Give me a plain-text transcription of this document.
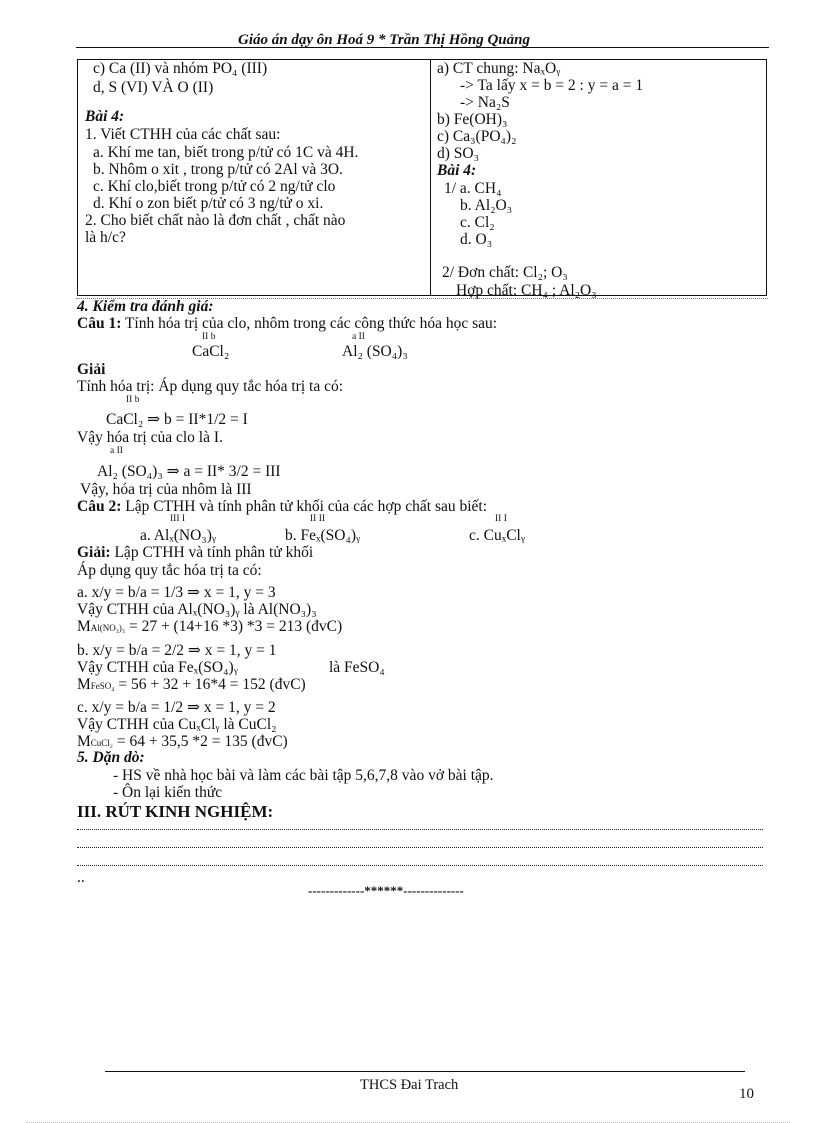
Giáo án dạy ôn Hoá 9 * Trần Thị Hồng Quảng
c) Ca (II) và nhóm PO₄ (III)
d, S (VI) VÀ O (II)
Bài 4:
1. Viết CTHH của các chất sau:
a. Khí me tan, biết trong p/tử có 1C và 4H.
b. Nhôm o xit , trong p/tử có 2Al và 3O.
c. Khí clo,biết trong p/tử có 2 ng/tử clo
d. Khí o zon biết p/tử có 3 ng/tử o xi.
2. Cho biết chất nào là đơn chất , chất nào
là h/c?
a) CT chung: NaₓOᵧ
-> Ta lấy x = b = 2 : y = a = 1
-> Na₂S
b) Fe(OH)₃
c) Ca₃(PO₄)₂
d) SO₃
Bài 4:
1/ a. CH₄
b. Al₂O₃
c. Cl₂
d. O₃
2/ Đơn chất: Cl₂; O₃
Hợp chất: CH₄ ; Al₂O₃
4. Kiểm tra đánh giá:
Câu 1: Tính hóa trị của clo, nhôm trong các công thức hóa học sau:
II b	a II
CaCl₂	Al₂ (SO₄)₃
Giải
Tính hóa trị: Áp dụng quy tắc hóa trị ta có:
II b
CaCl₂ ⇒ b = II*1/2 = I
Vậy hóa trị của clo là I.
a II
Al₂ (SO₄)₃ ⇒ a = II* 3/2 = III
Vậy, hóa trị của nhôm là III
Câu 2: Lập CTHH và tính phân tử khối của các hợp chất sau biết:
III I	II II	II I
a. Alₓ(NO₃)ᵧ	b. Feₓ(SO₄)ᵧ	c. CuₓClᵧ
Giải: Lập CTHH và tính phân tử khối
Áp dụng quy tắc hóa trị ta có:
a. x/y = b/a = 1/3 ⇒ x = 1, y = 3
Vậy CTHH của Alₓ(NO₃)ᵧ là Al(NO₃)₃
MAl(NO₃)₃ = 27 + (14+16 *3) *3 = 213 (đvC)
b. x/y = b/a = 2/2 ⇒ x = 1, y = 1
Vậy CTHH của Feₓ(SO₄)ᵧ	là FeSO₄
MFeSO₄ = 56 + 32 + 16*4 = 152 (đvC)
c. x/y = b/a = 1/2 ⇒ x = 1, y = 2
Vậy CTHH của CuₓClᵧ là CuCl₂
MCuCl₂ = 64 + 35,5 *2 = 135 (đvC)
5. Dặn dò:
- HS về nhà học bài và làm các bài tập 5,6,7,8 vào vở bài tập.
- Ôn lại kiến thức
III. RÚT KINH NGHIỆM:
..
-------------******--------------
THCS Đai Trach
10
